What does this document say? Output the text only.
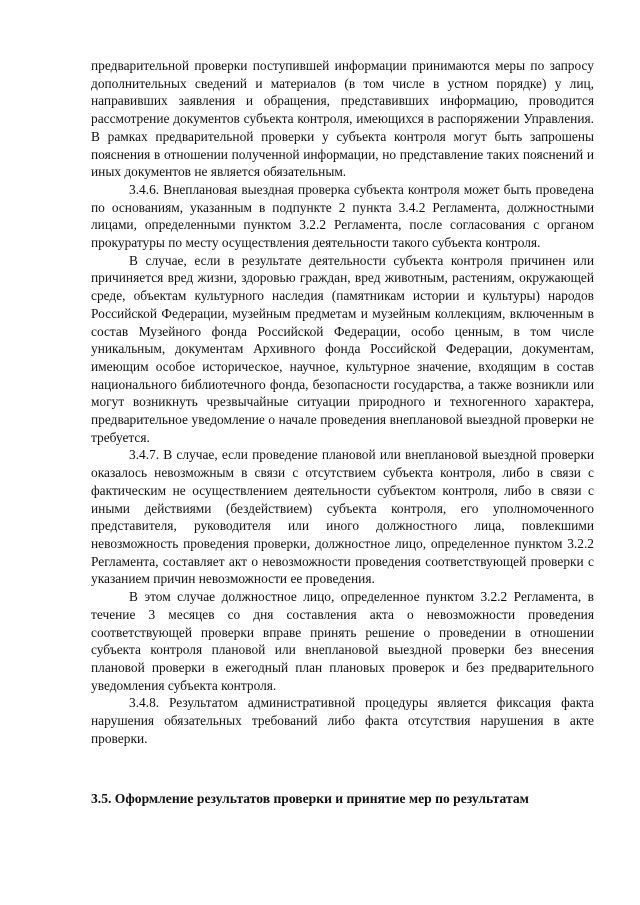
предварительной проверки поступившей информации принимаются меры по запросу дополнительных сведений и материалов (в том числе в устном порядке) у лиц, направивших заявления и обращения, представивших информацию, проводится рассмотрение документов субъекта контроля, имеющихся в распоряжении Управления. В рамках предварительной проверки у субъекта контроля могут быть запрошены пояснения в отношении полученной информации, но представление таких пояснений и иных документов не является обязательным.

3.4.6. Внеплановая выездная проверка субъекта контроля может быть проведена по основаниям, указанным в подпункте 2 пункта 3.4.2 Регламента, должностными лицами, определенными пунктом 3.2.2 Регламента, после согласования с органом прокуратуры по месту осуществления деятельности такого субъекта контроля.

В случае, если в результате деятельности субъекта контроля причинен или причиняется вред жизни, здоровью граждан, вред животным, растениям, окружающей среде, объектам культурного наследия (памятникам истории и культуры) народов Российской Федерации, музейным предметам и музейным коллекциям, включенным в состав Музейного фонда Российской Федерации, особо ценным, в том числе уникальным, документам Архивного фонда Российской Федерации, документам, имеющим особое историческое, научное, культурное значение, входящим в состав национального библиотечного фонда, безопасности государства, а также возникли или могут возникнуть чрезвычайные ситуации природного и техногенного характера, предварительное уведомление о начале проведения внеплановой выездной проверки не требуется.

3.4.7. В случае, если проведение плановой или внеплановой выездной проверки оказалось невозможным в связи с отсутствием субъекта контроля, либо в связи с фактическим не осуществлением деятельности субъектом контроля, либо в связи с иными действиями (бездействием) субъекта контроля, его уполномоченного представителя, руководителя или иного должностного лица, повлекшими невозможность проведения проверки, должностное лицо, определенное пунктом 3.2.2 Регламента, составляет акт о невозможности проведения соответствующей проверки с указанием причин невозможности ее проведения.

В этом случае должностное лицо, определенное пунктом 3.2.2 Регламента, в течение 3 месяцев со дня составления акта о невозможности проведения соответствующей проверки вправе принять решение о проведении в отношении субъекта контроля плановой или внеплановой выездной проверки без внесения плановой проверки в ежегодный план плановых проверок и без предварительного уведомления субъекта контроля.

3.4.8. Результатом административной процедуры является фиксация факта нарушения обязательных требований либо факта отсутствия нарушения в акте проверки.

3.5. Оформление результатов проверки и принятие мер по результатам
